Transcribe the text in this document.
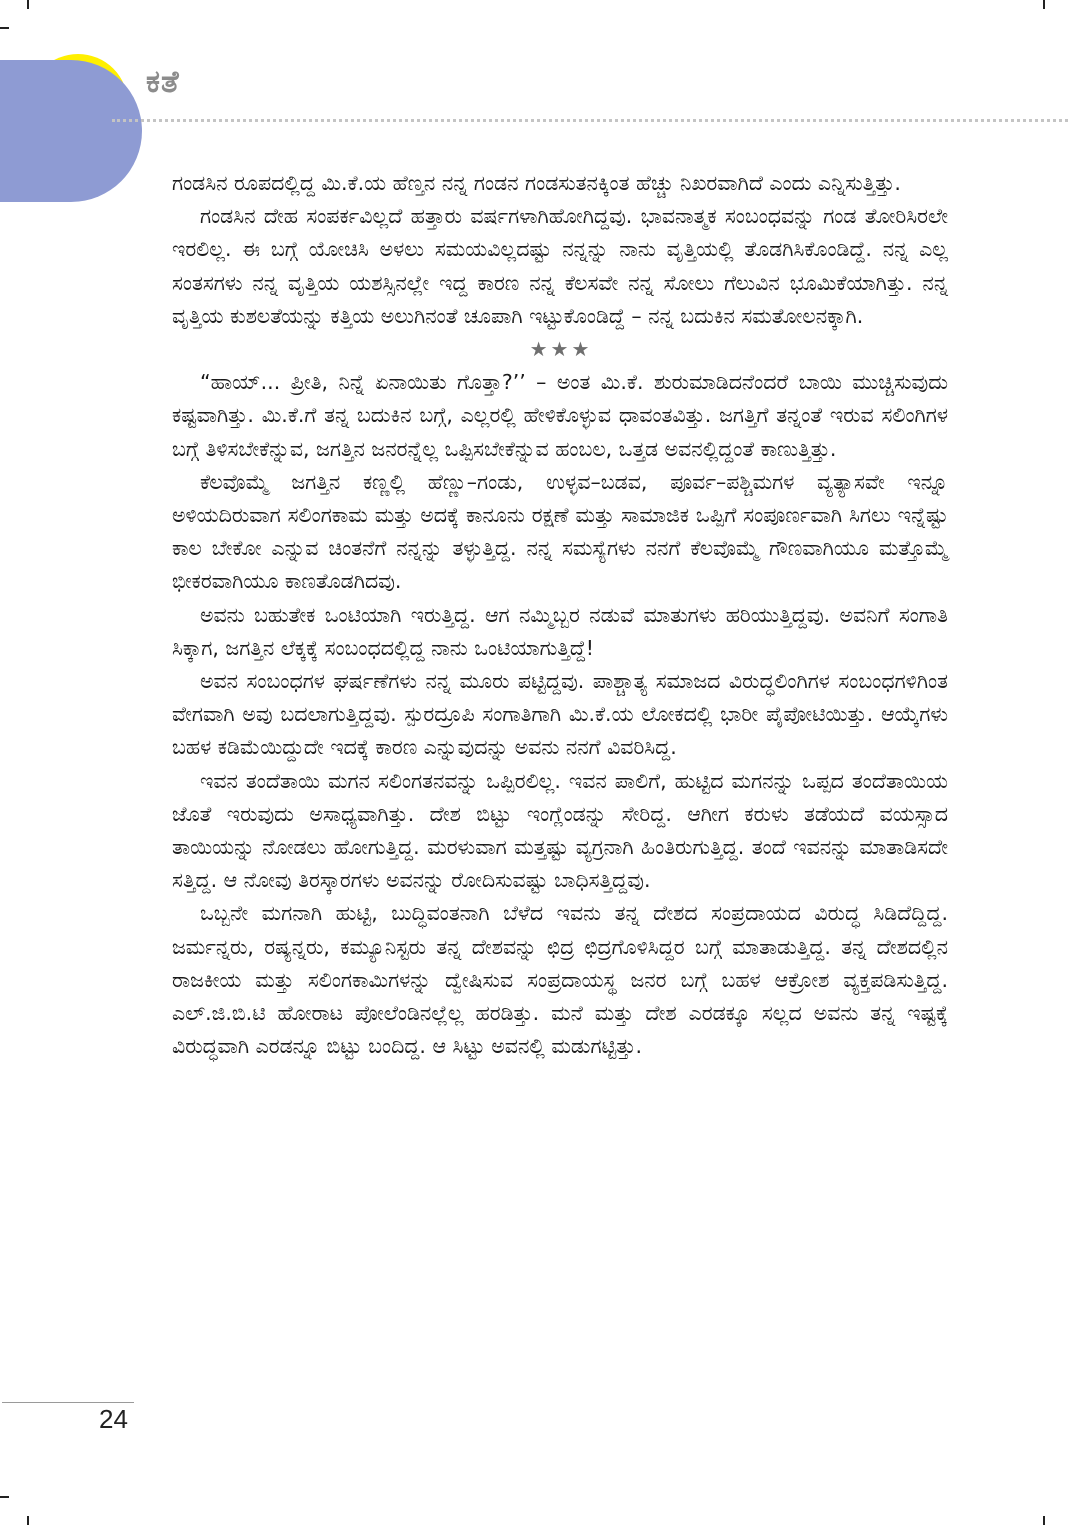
ಕತೆ

ಗಂಡಸಿನ ರೂಪದಲ್ಲಿದ್ದ ಮಿ.ಕೆ.ಯ ಹೆಣ್ತನ ನನ್ನ ಗಂಡನ ಗಂಡಸುತನಕ್ಕಿಂತ ಹೆಚ್ಚು ನಿಖರವಾಗಿದೆ ಎಂದು ಎನ್ನಿಸುತ್ತಿತ್ತು.

ಗಂಡಸಿನ ದೇಹ ಸಂಪರ್ಕವಿಲ್ಲದೆ ಹತ್ತಾರು ವರ್ಷಗಳಾಗಿಹೋಗಿದ್ದವು. ಭಾವನಾತ್ಮಕ ಸಂಬಂಧವನ್ನು ಗಂಡ ತೋರಿಸಿರಲೇ ಇರಲಿಲ್ಲ. ಈ ಬಗ್ಗೆ ಯೋಚಿಸಿ ಅಳಲು ಸಮಯವಿಲ್ಲದಷ್ಟು ನನ್ನನ್ನು ನಾನು ವೃತ್ತಿಯಲ್ಲಿ ತೊಡಗಿಸಿಕೊಂಡಿದ್ದೆ. ನನ್ನ ಎಲ್ಲ ಸಂತಸಗಳು ನನ್ನ ವೃತ್ತಿಯ ಯಶಸ್ಸಿನಲ್ಲೇ ಇದ್ದ ಕಾರಣ ನನ್ನ ಕೆಲಸವೇ ನನ್ನ ಸೋಲು ಗೆಲುವಿನ ಭೂಮಿಕೆಯಾಗಿತ್ತು. ನನ್ನ ವೃತ್ತಿಯ ಕುಶಲತೆಯನ್ನು ಕತ್ತಿಯ ಅಲುಗಿನಂತೆ ಚೂಪಾಗಿ ಇಟ್ಟುಕೊಂಡಿದ್ದೆ – ನನ್ನ ಬದುಕಿನ ಸಮತೋಲನಕ್ಕಾಗಿ.

★★★

“ಹಾಯ್... ಪ್ರೀತಿ, ನಿನ್ನೆ ಏನಾಯಿತು ಗೊತ್ತಾ?’’ – ಅಂತ ಮಿ.ಕೆ. ಶುರುಮಾಡಿದನೆಂದರೆ ಬಾಯಿ ಮುಚ್ಚಿಸುವುದು ಕಷ್ಟವಾಗಿತ್ತು. ಮಿ.ಕೆ.ಗೆ ತನ್ನ ಬದುಕಿನ ಬಗ್ಗೆ, ಎಲ್ಲರಲ್ಲಿ ಹೇಳಿಕೊಳ್ಳುವ ಧಾವಂತವಿತ್ತು. ಜಗತ್ತಿಗೆ ತನ್ನಂತೆ ಇರುವ ಸಲಿಂಗಿಗಳ ಬಗ್ಗೆ ತಿಳಿಸಬೇಕೆನ್ನುವ, ಜಗತ್ತಿನ ಜನರನ್ನೆಲ್ಲ ಒಪ್ಪಿಸಬೇಕೆನ್ನುವ ಹಂಬಲ, ಒತ್ತಡ ಅವನಲ್ಲಿದ್ದಂತೆ ಕಾಣುತ್ತಿತ್ತು.

ಕೆಲವೊಮ್ಮೆ ಜಗತ್ತಿನ ಕಣ್ಣಲ್ಲಿ ಹೆಣ್ಣು–ಗಂಡು, ಉಳ್ಳವ–ಬಡವ, ಪೂರ್ವ–ಪಶ್ಚಿಮಗಳ ವ್ಯತ್ಯಾಸವೇ ಇನ್ನೂ ಅಳಿಯದಿರುವಾಗ ಸಲಿಂಗಕಾಮ ಮತ್ತು ಅದಕ್ಕೆ ಕಾನೂನು ರಕ್ಷಣೆ ಮತ್ತು ಸಾಮಾಜಿಕ ಒಪ್ಪಿಗೆ ಸಂಪೂರ್ಣವಾಗಿ ಸಿಗಲು ಇನ್ನೆಷ್ಟು ಕಾಲ ಬೇಕೋ ಎನ್ನುವ ಚಿಂತನೆಗೆ ನನ್ನನ್ನು ತಳ್ಳುತ್ತಿದ್ದ. ನನ್ನ ಸಮಸ್ಯೆಗಳು ನನಗೆ ಕೆಲವೊಮ್ಮೆ ಗೌಣವಾಗಿಯೂ ಮತ್ತೊಮ್ಮೆ ಭೀಕರವಾಗಿಯೂ ಕಾಣತೊಡಗಿದವು.

ಅವನು ಬಹುತೇಕ ಒಂಟಿಯಾಗಿ ಇರುತ್ತಿದ್ದ. ಆಗ ನಮ್ಮಿಬ್ಬರ ನಡುವೆ ಮಾತುಗಳು ಹರಿಯುತ್ತಿದ್ದವು. ಅವನಿಗೆ ಸಂಗಾತಿ ಸಿಕ್ಕಾಗ, ಜಗತ್ತಿನ ಲೆಕ್ಕಕ್ಕೆ ಸಂಬಂಧದಲ್ಲಿದ್ದ ನಾನು ಒಂಟಿಯಾಗುತ್ತಿದ್ದೆ!

ಅವನ ಸಂಬಂಧಗಳ ಘರ್ಷಣೆಗಳು ನನ್ನ ಮೂರು ಪಟ್ಟಿದ್ದವು. ಪಾಶ್ಚಾತ್ಯ ಸಮಾಜದ ವಿರುದ್ಧಲಿಂಗಿಗಳ ಸಂಬಂಧಗಳಿಗಿಂತ ವೇಗವಾಗಿ ಅವು ಬದಲಾಗುತ್ತಿದ್ದವು. ಸ್ಪುರದ್ರೂಪಿ ಸಂಗಾತಿಗಾಗಿ ಮಿ.ಕೆ.ಯ ಲೋಕದಲ್ಲಿ ಭಾರೀ ಪೈಪೋಟಿಯಿತ್ತು. ಆಯ್ಕೆಗಳು ಬಹಳ ಕಡಿಮೆಯಿದ್ದುದೇ ಇದಕ್ಕೆ ಕಾರಣ ಎನ್ನುವುದನ್ನು ಅವನು ನನಗೆ ವಿವರಿಸಿದ್ದ.

ಇವನ ತಂದೆತಾಯಿ ಮಗನ ಸಲಿಂಗತನವನ್ನು ಒಪ್ಪಿರಲಿಲ್ಲ. ಇವನ ಪಾಲಿಗೆ, ಹುಟ್ಟಿದ ಮಗನನ್ನು ಒಪ್ಪದ ತಂದೆತಾಯಿಯ ಜೊತೆ ಇರುವುದು ಅಸಾಧ್ಯವಾಗಿತ್ತು. ದೇಶ ಬಿಟ್ಟು ಇಂಗ್ಲೆಂಡನ್ನು ಸೇರಿದ್ದ. ಆಗೀಗ ಕರುಳು ತಡೆಯದೆ ವಯಸ್ಸಾದ ತಾಯಿಯನ್ನು ನೋಡಲು ಹೋಗುತ್ತಿದ್ದ. ಮರಳುವಾಗ ಮತ್ತಷ್ಟು ವ್ಯಗ್ರನಾಗಿ ಹಿಂತಿರುಗುತ್ತಿದ್ದ. ತಂದೆ ಇವನನ್ನು ಮಾತಾಡಿಸದೇ ಸತ್ತಿದ್ದ. ಆ ನೋವು ತಿರಸ್ಕಾರಗಳು ಅವನನ್ನು ರೋದಿಸುವಷ್ಟು ಬಾಧಿಸತ್ತಿದ್ದವು.

ಒಬ್ಬನೇ ಮಗನಾಗಿ ಹುಟ್ಟಿ, ಬುದ್ಧಿವಂತನಾಗಿ ಬೆಳೆದ ಇವನು ತನ್ನ ದೇಶದ ಸಂಪ್ರದಾಯದ ವಿರುದ್ಧ ಸಿಡಿದೆದ್ದಿದ್ದ. ಜರ್ಮನ್ನರು, ರಷ್ಯನ್ನರು, ಕಮ್ಯೂನಿಸ್ಟರು ತನ್ನ ದೇಶವನ್ನು ಛಿದ್ರ ಛಿದ್ರಗೊಳಿಸಿದ್ದರ ಬಗ್ಗೆ ಮಾತಾಡುತ್ತಿದ್ದ. ತನ್ನ ದೇಶದಲ್ಲಿನ ರಾಜಕೀಯ ಮತ್ತು ಸಲಿಂಗಕಾಮಿಗಳನ್ನು ದ್ವೇಷಿಸುವ ಸಂಪ್ರದಾಯಸ್ಥ ಜನರ ಬಗ್ಗೆ ಬಹಳ ಆಕ್ರೋಶ ವ್ಯಕ್ತಪಡಿಸುತ್ತಿದ್ದ. ಎಲ್.ಜಿ.ಬಿ.ಟಿ ಹೋರಾಟ ಪೋಲೆಂಡಿನಲ್ಲೆಲ್ಲ ಹರಡಿತ್ತು. ಮನೆ ಮತ್ತು ದೇಶ ಎರಡಕ್ಕೂ ಸಲ್ಲದ ಅವನು ತನ್ನ ಇಷ್ಟಕ್ಕೆ ವಿರುದ್ಧವಾಗಿ ಎರಡನ್ನೂ ಬಿಟ್ಟು ಬಂದಿದ್ದ. ಆ ಸಿಟ್ಟು ಅವನಲ್ಲಿ ಮಡುಗಟ್ಟಿತ್ತು.

24
